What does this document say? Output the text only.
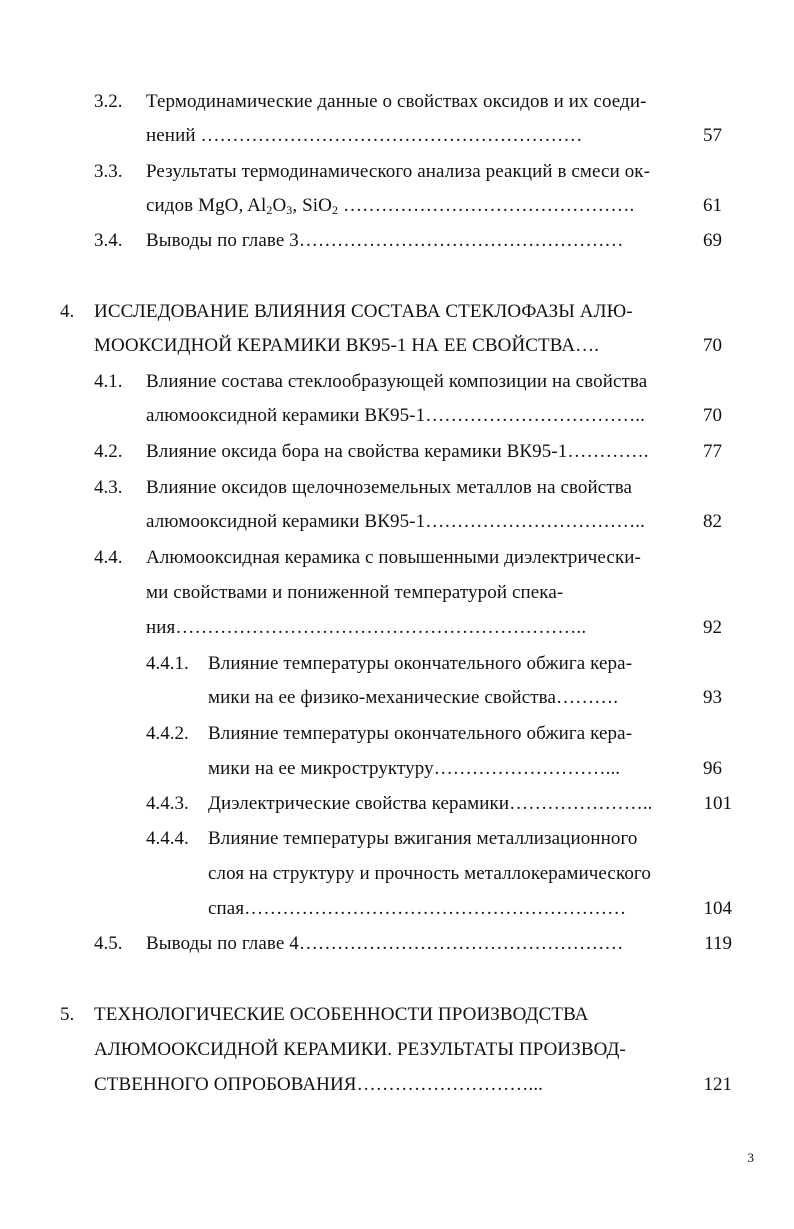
3.2. Термодинамические данные о свойствах оксидов и их соеди-
нений ……………………………………………………	57
3.3. Результаты термодинамического анализа реакций в смеси ок-
сидов MgO, $Al_2O_3$, SiO$_2$ ……………………………………….	61
3.4. Выводы по главе 3……………………………………………	69
4. ИССЛЕДОВАНИЕ ВЛИЯНИЯ СОСТАВА СТЕКЛОФАЗЫ АЛЮ-
МООКСИДНОЙ КЕРАМИКИ ВК95-1 НА ЕЕ СВОЙСТВА….	70
4.1. Влияние состава стеклообразующей композиции на свойства
алюмооксидной керамики ВК95-1……………………………..	70
4.2. Влияние оксида бора на свойства керамики ВК95-1………….	77
4.3. Влияние оксидов щелочноземельных металлов на свойства
алюмооксидной керамики ВК95-1……………………………..	82
4.4. Алюмооксидная керамика с повышенными диэлектрически-
ми свойствами и пониженной температурой спека-
ния………………………………………………………..	92
4.4.1. Влияние температуры окончательного обжига кера-
мики на ее физико-механические свойства……….	93
4.4.2. Влияние температуры окончательного обжига кера-
мики на ее микроструктуру………………………...	96
4.4.3. Диэлектрические свойства керамики…………………..	101
4.4.4. Влияние температуры вжигания металлизационного
слоя на структуру и прочность металлокерамического
спая……………………………………………………	104
4.5. Выводы по главе 4……………………………………………	119
5. ТЕХНОЛОГИЧЕСКИЕ ОСОБЕННОСТИ ПРОИЗВОДСТВА
АЛЮМООКСИДНОЙ КЕРАМИКИ. РЕЗУЛЬТАТЫ ПРОИЗВОД-
СТВЕННОГО ОПРОБОВАНИЯ………………………...	121
3
